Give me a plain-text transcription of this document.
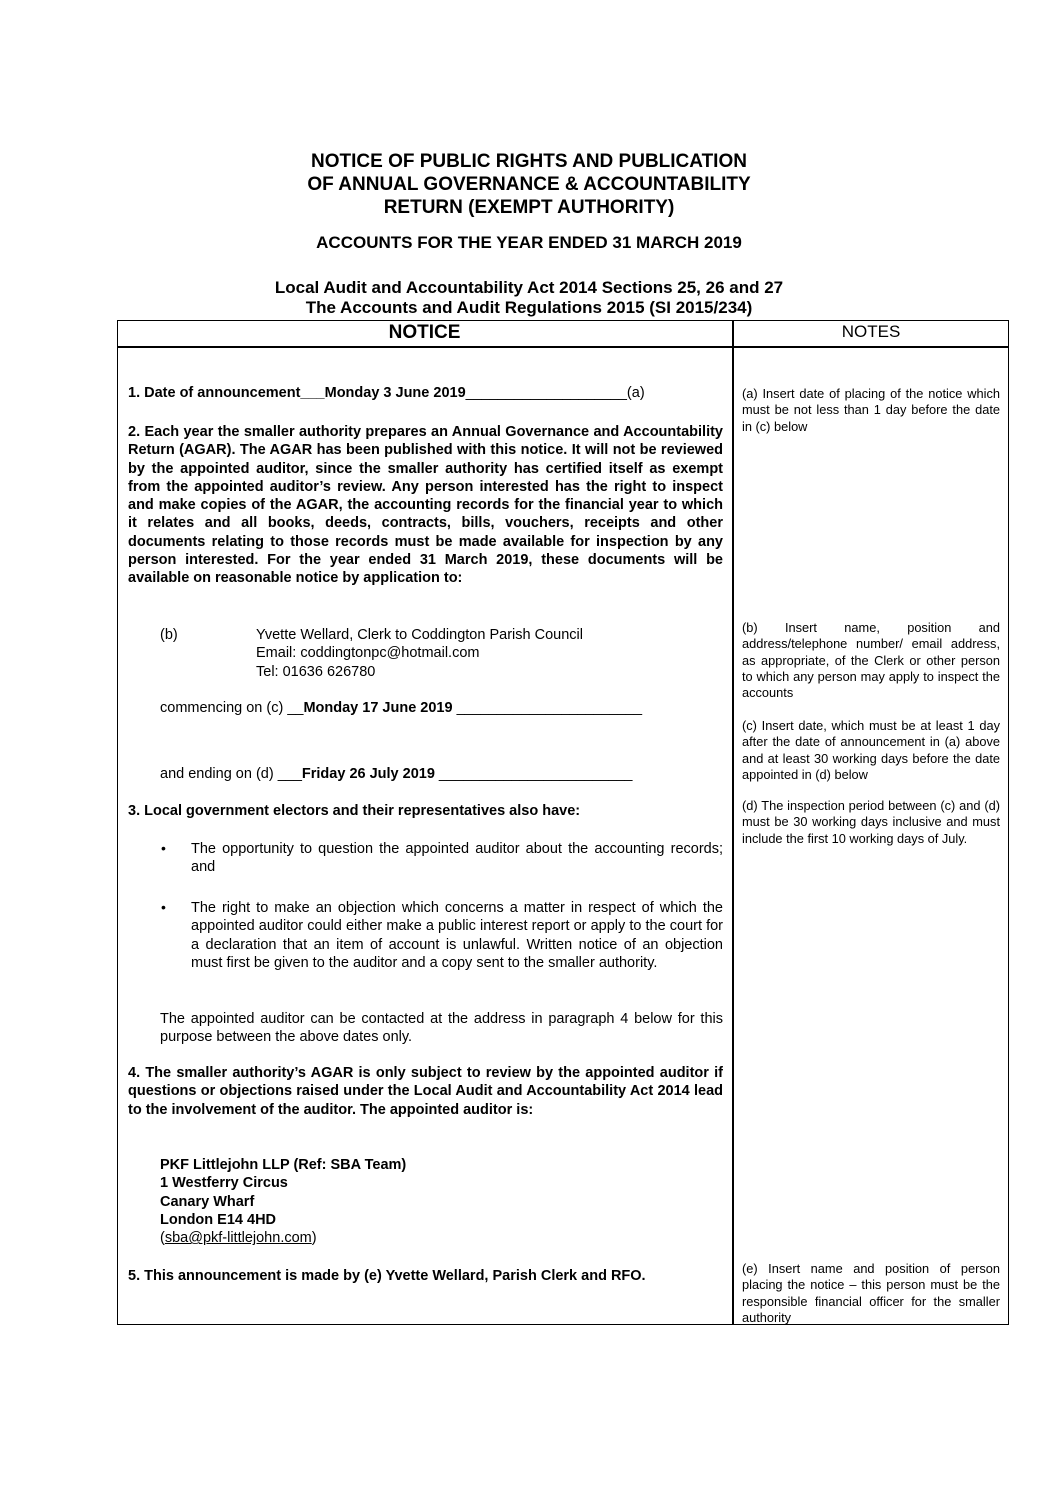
NOTICE OF PUBLIC RIGHTS AND PUBLICATION
OF ANNUAL GOVERNANCE & ACCOUNTABILITY
RETURN (EXEMPT AUTHORITY)
ACCOUNTS FOR THE YEAR ENDED 31 MARCH 2019
Local Audit and Accountability Act 2014 Sections 25, 26 and 27
The Accounts and Audit Regulations 2015 (SI 2015/234)
NOTICE	NOTES
1. Date of announcement___Monday 3 June 2019____________________(a)
2. Each year the smaller authority prepares an Annual Governance and Accountability Return (AGAR). The AGAR has been published with this notice. It will not be reviewed by the appointed auditor, since the smaller authority has certified itself as exempt from the appointed auditor’s review. Any person interested has the right to inspect and make copies of the AGAR, the accounting records for the financial year to which it relates and all books, deeds, contracts, bills, vouchers, receipts and other documents relating to those records must be made available for inspection by any person interested. For the year ended 31 March 2019, these documents will be available on reasonable notice by application to:
(b)	Yvette Wellard, Clerk to Coddington Parish Council
Email: coddingtonpc@hotmail.com
Tel: 01636 626780
commencing on (c) __Monday 17 June 2019 _______________________
and ending on (d) ___Friday 26 July 2019 ________________________
3. Local government electors and their representatives also have:
• The opportunity to question the appointed auditor about the accounting records; and
• The right to make an objection which concerns a matter in respect of which the appointed auditor could either make a public interest report or apply to the court for a declaration that an item of account is unlawful. Written notice of an objection must first be given to the auditor and a copy sent to the smaller authority.
The appointed auditor can be contacted at the address in paragraph 4 below for this purpose between the above dates only.
4. The smaller authority’s AGAR is only subject to review by the appointed auditor if questions or objections raised under the Local Audit and Accountability Act 2014 lead to the involvement of the auditor. The appointed auditor is:
PKF Littlejohn LLP (Ref: SBA Team)
1 Westferry Circus
Canary Wharf
London E14 4HD
(sba@pkf-littlejohn.com)
5. This announcement is made by (e) Yvette Wellard, Parish Clerk and RFO.
(a) Insert date of placing of the notice which must be not less than 1 day before the date in (c) below
(b) Insert name, position and address/telephone number/ email address, as appropriate, of the Clerk or other person to which any person may apply to inspect the accounts
(c) Insert date, which must be at least 1 day after the date of announcement in (a) above and at least 30 working days before the date appointed in (d) below
(d) The inspection period between (c) and (d) must be 30 working days inclusive and must include the first 10 working days of July.
(e) Insert name and position of person placing the notice – this person must be the responsible financial officer for the smaller authority
